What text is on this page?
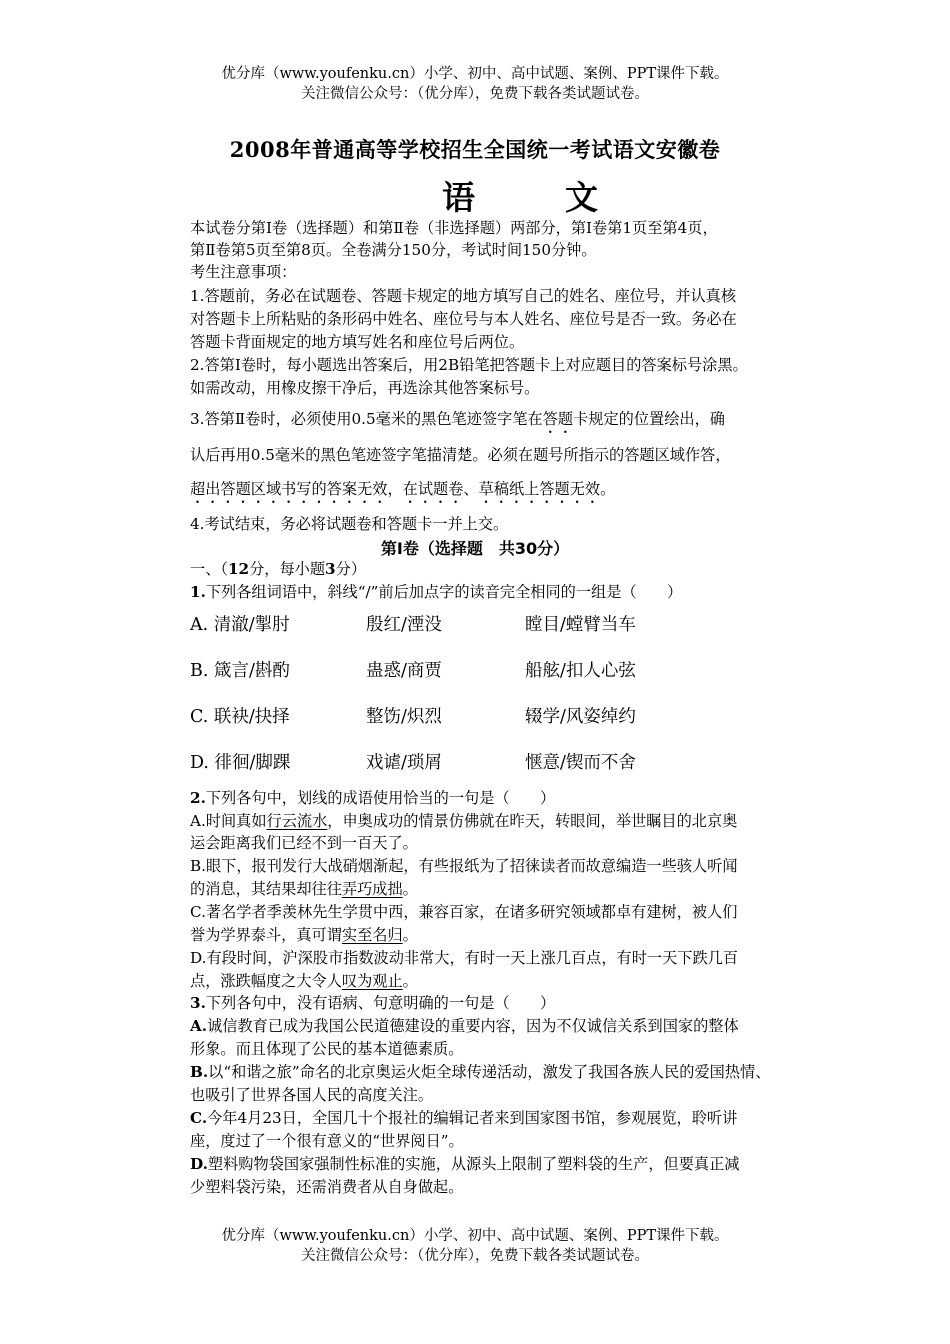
优分库（www.youfenku.cn）小学、初中、高中试题、案例、PPT课件下载。
关注微信公众号：（优分库），免费下载各类试题试卷。
2008年普通高等学校招生全国统一考试语文安徽卷
语文
本试卷分第Ⅰ卷（选择题）和第Ⅱ卷（非选择题）两部分，第Ⅰ卷第1页至第4页，
第Ⅱ卷第5页至第8页。全卷满分150分，考试时间150分钟。
考生注意事项：
1.答题前，务必在试题卷、答题卡规定的地方填写自己的姓名、座位号，并认真核
对答题卡上所粘贴的条形码中姓名、座位号与本人姓名、座位号是否一致。务必在
答题卡背面规定的地方填写姓名和座位号后两位。
2.答第Ⅰ卷时，每小题选出答案后，用2B铅笔把答题卡上对应题目的答案标号涂黑。
如需改动，用橡皮擦干净后，再选涂其他答案标号。
3.答第Ⅱ卷时，必须使用0.5毫米的黑色笔迹签字笔在答题卡规定的位置绘出，确
认后再用0.5毫米的黑色笔迹签字笔描清楚。必须在题号所指示的答题区域作答，
超出答题区域书写的答案无效，在试题卷、草稿纸上答题无效。
4.考试结束，务必将试题卷和答题卡一并上交。
第Ⅰ卷（选择题　共30分）
一、（12分，每小题3分）
1.下列各组词语中，斜线“/”前后加点字的读音完全相同的一组是（　　）
A. 清澈/掣肘	殷红/湮没	瞠目/螳臂当车
B. 箴言/斟酌	蛊惑/商贾	船舷/扣人心弦
C. 联袂/抉择	整饬/炽烈	辍学/风姿绰约
D. 徘徊/脚踝	戏谑/琐屑	惬意/锲而不舍
2.下列各句中，划线的成语使用恰当的一句是（　　）
A.时间真如行云流水，申奥成功的情景仿佛就在昨天，转眼间，举世瞩目的北京奥
运会距离我们已经不到一百天了。
B.眼下，报刊发行大战硝烟渐起，有些报纸为了招徕读者而故意编造一些骇人听闻
的消息，其结果却往往弄巧成拙。
C.著名学者季羡林先生学贯中西，兼容百家，在诸多研究领域都卓有建树，被人们
誉为学界泰斗，真可谓实至名归。
D.有段时间，沪深股市指数波动非常大，有时一天上涨几百点，有时一天下跌几百
点，涨跌幅度之大令人叹为观止。
3.下列各句中，没有语病、句意明确的一句是（　　）
A.诚信教育已成为我国公民道德建设的重要内容，因为不仅诚信关系到国家的整体
形象。而且体现了公民的基本道德素质。
B.以“和谐之旅”命名的北京奥运火炬全球传递活动，激发了我国各族人民的爱国热情、
也吸引了世界各国人民的高度关注。
C.今年4月23日，全国几十个报社的编辑记者来到国家图书馆，参观展览，聆听讲
座，度过了一个很有意义的“世界阅日”。
D.塑料购物袋国家强制性标准的实施，从源头上限制了塑料袋的生产，但要真正减
少塑料袋污染，还需消费者从自身做起。
优分库（www.youfenku.cn）小学、初中、高中试题、案例、PPT课件下载。
关注微信公众号：（优分库），免费下载各类试题试卷。
